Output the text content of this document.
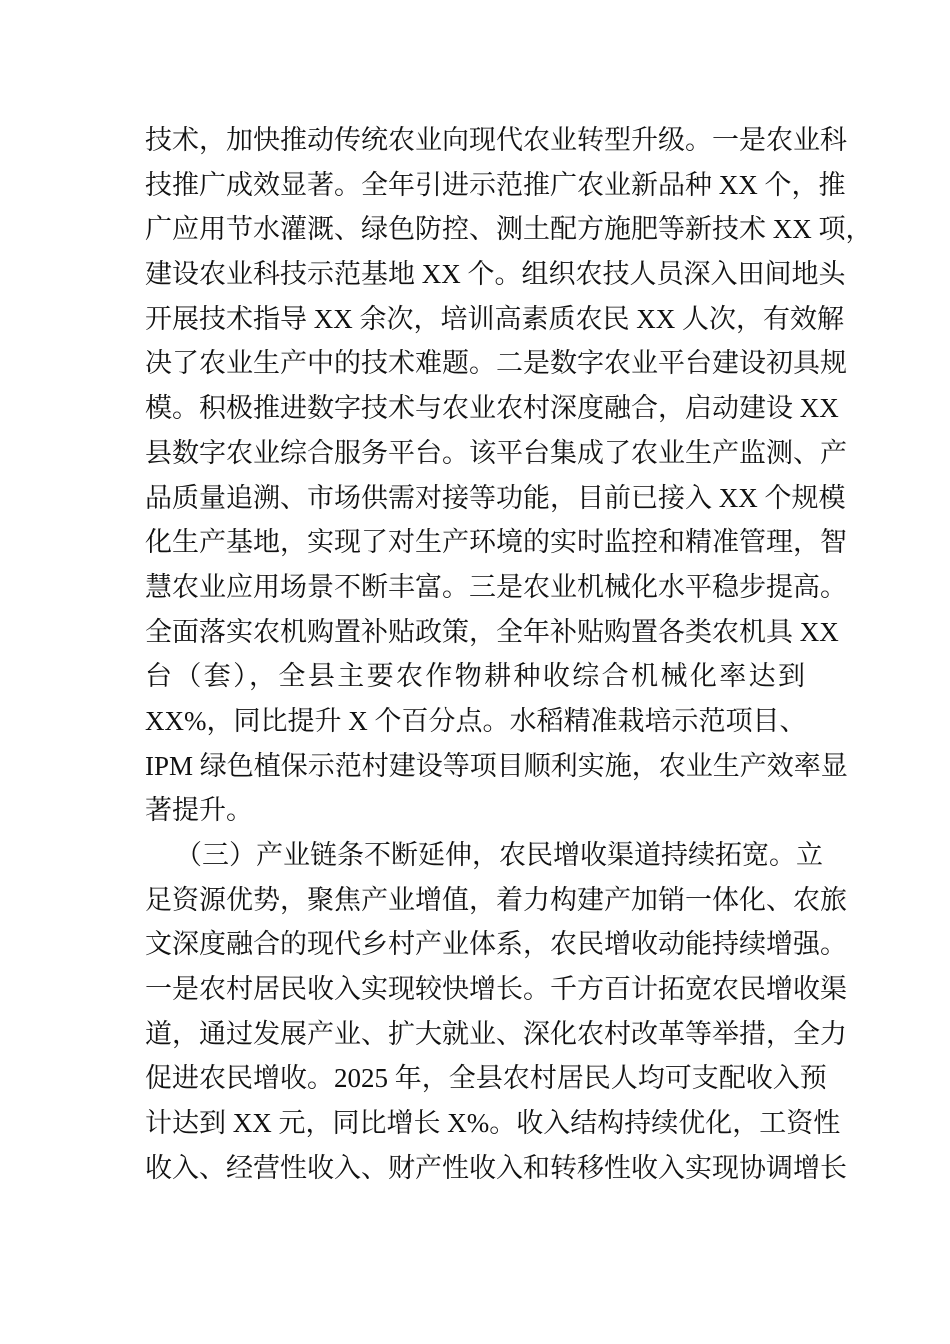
技术，加快推动传统农业向现代农业转型升级。一是农业科
技推广成效显著。全年引进示范推广农业新品种 XX 个，推
广应用节水灌溉、绿色防控、测土配方施肥等新技术 XX 项，
建设农业科技示范基地 XX 个。组织农技人员深入田间地头
开展技术指导 XX 余次，培训高素质农民 XX 人次，有效解
决了农业生产中的技术难题。二是数字农业平台建设初具规
模。积极推进数字技术与农业农村深度融合，启动建设 XX
县数字农业综合服务平台。该平台集成了农业生产监测、产
品质量追溯、市场供需对接等功能，目前已接入 XX 个规模
化生产基地，实现了对生产环境的实时监控和精准管理，智
慧农业应用场景不断丰富。三是农业机械化水平稳步提高。
全面落实农机购置补贴政策，全年补贴购置各类农机具 XX
台（套），全县主要农作物耕种收综合机械化率达到
XX%，同比提升 X 个百分点。水稻精准栽培示范项目、
IPM 绿色植保示范村建设等项目顺利实施，农业生产效率显
著提升。
（三）产业链条不断延伸，农民增收渠道持续拓宽。立
足资源优势，聚焦产业增值，着力构建产加销一体化、农旅
文深度融合的现代乡村产业体系，农民增收动能持续增强。
一是农村居民收入实现较快增长。千方百计拓宽农民增收渠
道，通过发展产业、扩大就业、深化农村改革等举措，全力
促进农民增收。2025 年，全县农村居民人均可支配收入预
计达到 XX 元，同比增长 X%。收入结构持续优化，工资性
收入、经营性收入、财产性收入和转移性收入实现协调增长
